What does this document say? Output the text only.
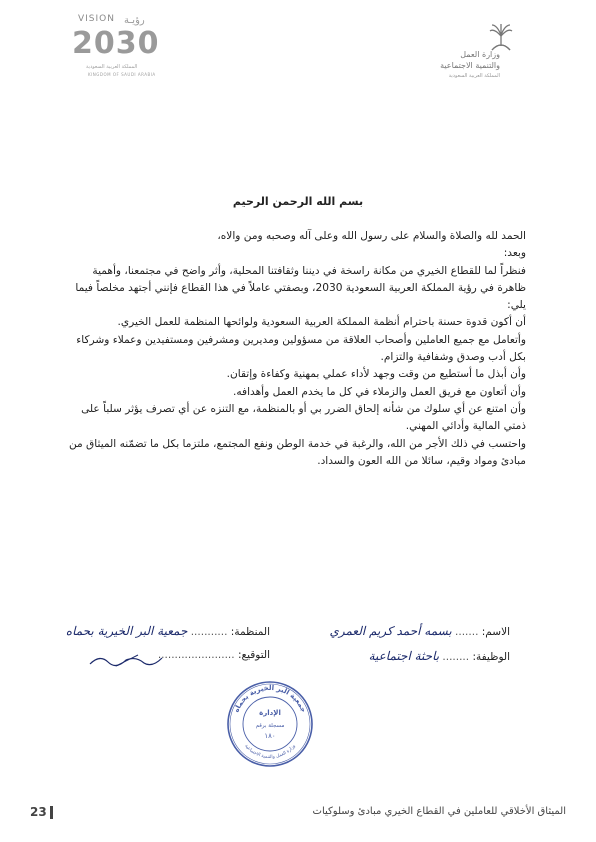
VISION رؤيـة
2030
المملكة العربية السعودية
KINGDOM OF SAUDI ARABIA
وزارة العمل
والتنمية الاجتماعية
المملكة العربية السعودية
بسم الله الرحمن الرحيم

الحمد لله والصلاة والسلام على رسول الله وعلى آله وصحبه ومن والاه،

وبعد:

فنظراً لما للقطاع الخيري من مكانة راسخة في ديننا وثقافتنا المحلية، وأثر واضح في مجتمعنا، وأهمية ظاهرة في رؤية المملكة العربية السعودية 2030، وبصفتي عاملاً في هذا القطاع فإنني أجتهد مخلصاً فيما يلي:

أن أكون قدوة حسنة باحترام أنظمة المملكة العربية السعودية ولوائحها المنظمة للعمل الخيري.

وأتعامل مع جميع العاملين وأصحاب العلاقة من مسؤولين ومديرين ومشرفين ومستفيدين وعملاء وشركاء بكل أدب وصدق وشفافية والتزام.

وأن أبذل ما أستطيع من وقت وجهد لأداء عملي بمهنية وكفاءة وإتقان.

وأن أتعاون مع فريق العمل والزملاء في كل ما يخدم العمل وأهدافه.

وأن امتنع عن أي سلوك من شأنه إلحاق الضرر بي أو بالمنظمة، مع التنزه عن أي تصرف يؤثر سلباً على ذمتي المالية وأدائي المهني.

واحتسب في ذلك الأجر من الله، والرغبة في خدمة الوطن ونفع المجتمع، ملتزما بكل ما تضمّنه الميثاق من مبادئ ومواد وقيم، سائلا من الله العون والسداد.

الاسم: ....... بسمه أحمد كريم العمري
الوظيفة: ........ باحثة اجتماعية
المنظمة: ........... جمعية البر الخيرية بحماه
التوقيع: .......................
جمعية البر الخيرية بحماه
وزارة العمل والتنمية الاجتماعية
الإدارة
مسجلة برقم
١٨٠
الميثاق الأخلاقي للعاملين في القطاع الخيري مبادئ وسلوكيات
23
